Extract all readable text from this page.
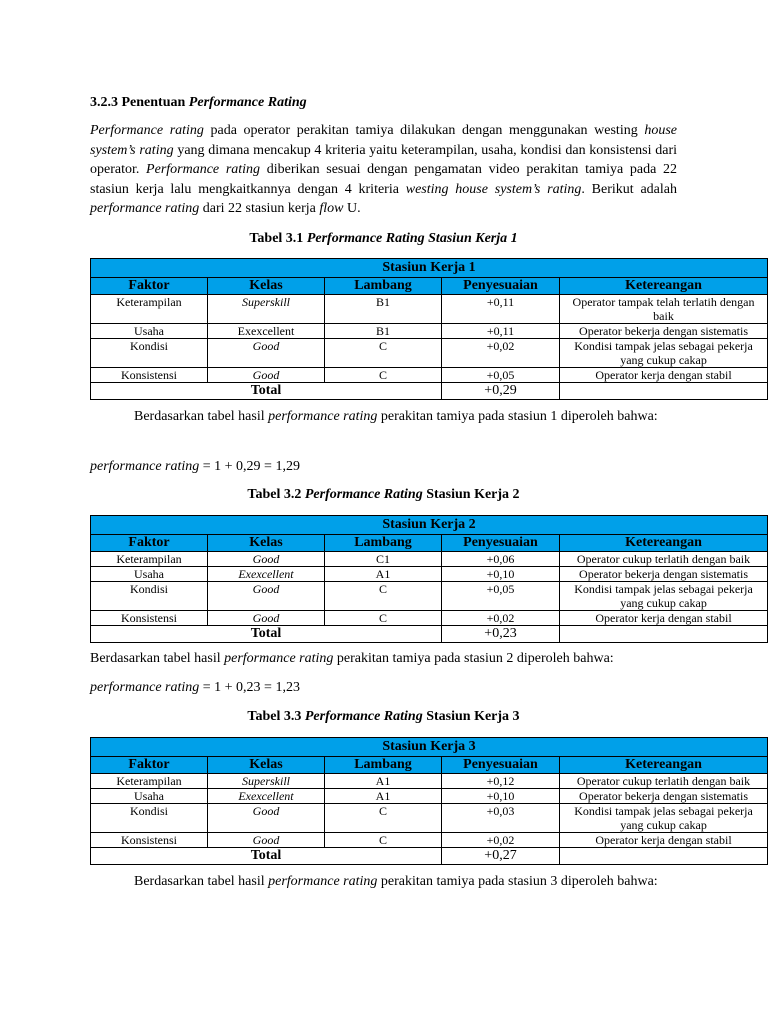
3.2.3 Penentuan Performance Rating
Performance rating pada operator perakitan tamiya dilakukan dengan menggunakan westing house system’s rating yang dimana mencakup 4 kriteria yaitu keterampilan, usaha, kondisi dan konsistensi dari operator. Performance rating diberikan sesuai dengan pengamatan video perakitan tamiya pada 22 stasiun kerja lalu mengkaitkannya dengan 4 kriteria westing house system’s rating. Berikut adalah performance rating dari 22 stasiun kerja flow U.
Tabel 3.1 Performance Rating Stasiun Kerja 1
Stasiun Kerja 1				
Faktor	Kelas	Lambang	Penyesuaian	Ketereangan
Keterampilan	Superskill	B1	+0,11	Operator tampak telah terlatih dengan baik
Usaha	Exexcellent	B1	+0,11	Operator bekerja dengan sistematis
Kondisi	Good	C	+0,02	Kondisi tampak jelas sebagai pekerja yang cukup cakap
Konsistensi	Good	C	+0,05	Operator kerja dengan stabil
Total			+0,29	
Berdasarkan tabel hasil performance rating perakitan tamiya pada stasiun 1 diperoleh bahwa:
performance rating = 1 + 0,29 = 1,29
Tabel 3.2 Performance Rating Stasiun Kerja 2
Stasiun Kerja 2				
Faktor	Kelas	Lambang	Penyesuaian	Ketereangan
Keterampilan	Good	C1	+0,06	Operator cukup terlatih dengan baik
Usaha	Exexcellent	A1	+0,10	Operator bekerja dengan sistematis
Kondisi	Good	C	+0,05	Kondisi tampak jelas sebagai pekerja yang cukup cakap
Konsistensi	Good	C	+0,02	Operator kerja dengan stabil
Total			+0,23	
Berdasarkan tabel hasil performance rating perakitan tamiya pada stasiun 2 diperoleh bahwa:
performance rating = 1 + 0,23 = 1,23
Tabel 3.3 Performance Rating Stasiun Kerja 3
Stasiun Kerja 3				
Faktor	Kelas	Lambang	Penyesuaian	Ketereangan
Keterampilan	Superskill	A1	+0,12	Operator cukup terlatih dengan baik
Usaha	Exexcellent	A1	+0,10	Operator bekerja dengan sistematis
Kondisi	Good	C	+0,03	Kondisi tampak jelas sebagai pekerja yang cukup cakap
Konsistensi	Good	C	+0,02	Operator kerja dengan stabil
Total			+0,27	
Berdasarkan tabel hasil performance rating perakitan tamiya pada stasiun 3 diperoleh bahwa:
